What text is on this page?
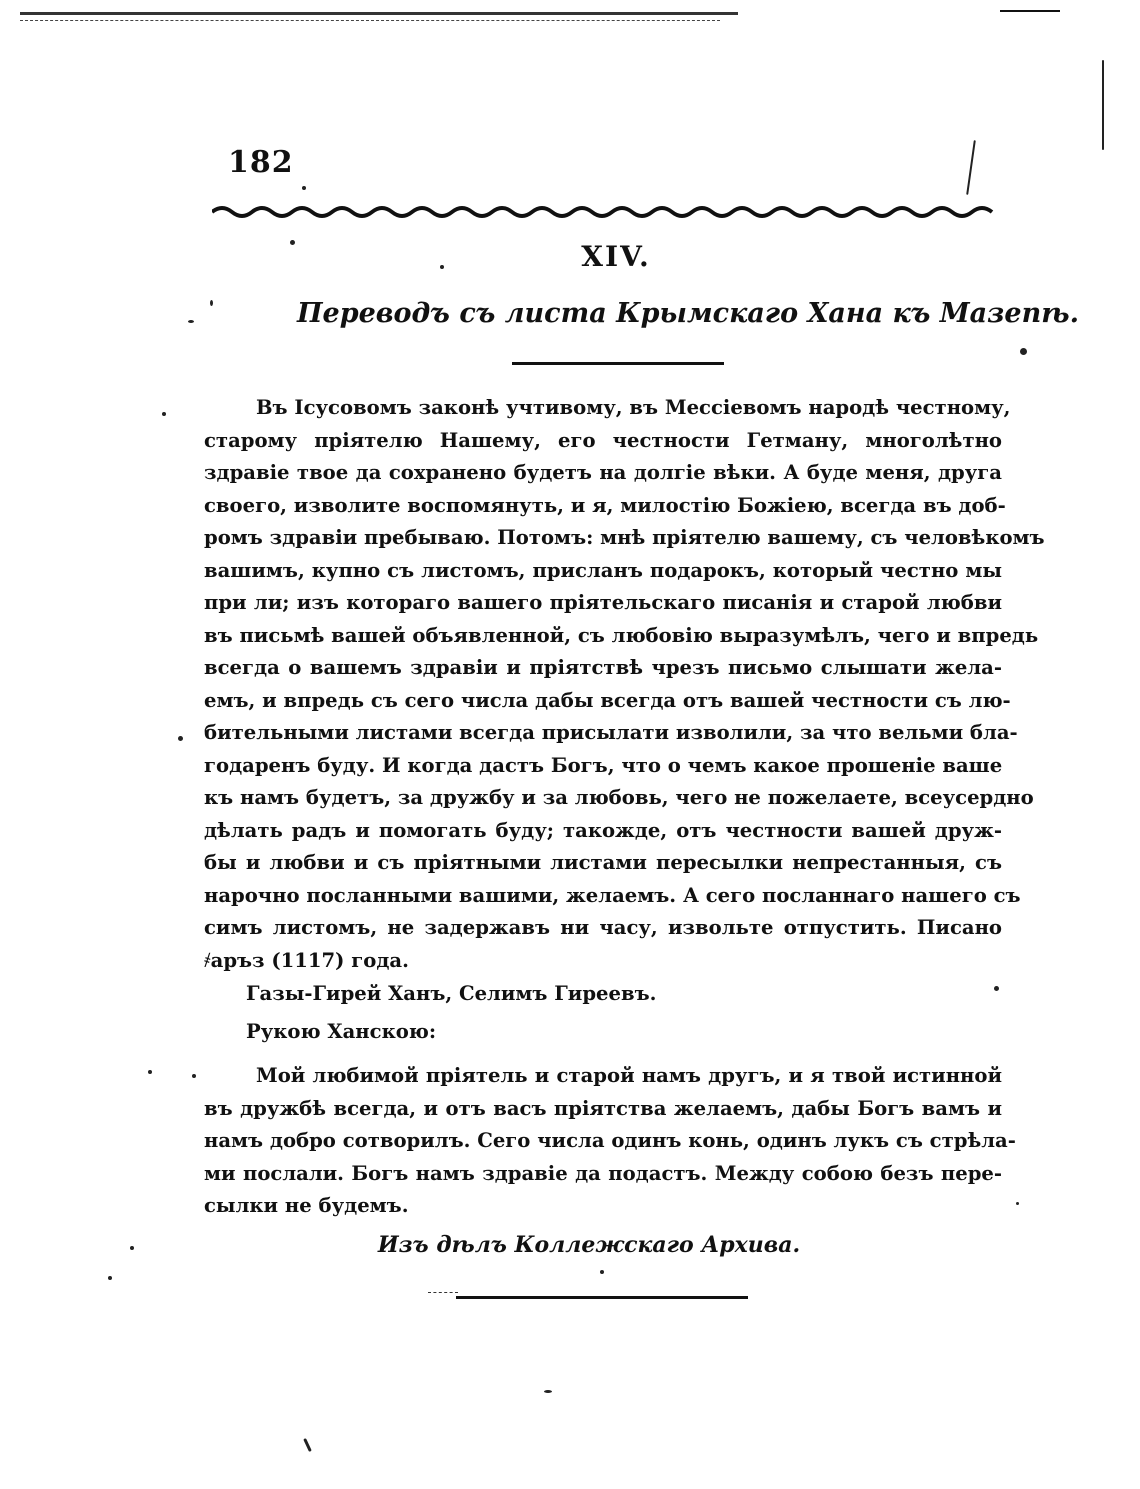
182
XIV.
Переводъ съ листа Крымскаго Хана къ Мазепѣ.
Въ Ісусовомъ законѣ учтивому, въ Мессіевомъ народѣ честному,
старому пріятелю Нашему, его честности Гетману, многолѣтно
здравіе твое да сохранено будетъ на долгіе вѣки. А буде меня, друга
своего, изволите воспомянуть, и я, милостію Божіею, всегда въ доб-
ромъ здравіи пребываю. Потомъ: мнѣ пріятелю вашему, съ человѣкомъ
вашимъ, купно съ листомъ, присланъ подарокъ, который честно мы
при ли; изъ котораго вашего пріятельскаго писанія и старой любви
въ письмѣ вашей объявленной, съ любовію выразумѣлъ, чего и впредь
всегда о вашемъ здравіи и пріятствѣ чрезъ письмо слышати жела-
емъ, и впредь съ сего числа дабы всегда отъ вашей честности съ лю-
бительными листами всегда присылати изволили, за что вельми бла-
годаренъ буду. И когда дастъ Богъ, что о чемъ какое прошеніе ваше
къ намъ будетъ, за дружбу и за любовь, чего не пожелаете, всеусердно
дѣлать радъ и помогать буду; такожде, отъ честности вашей друж-
бы и любви и съ пріятными листами пересылки непрестанныя, съ
нарочно посланными вашими, желаемъ. А сего посланнаго нашего съ
симъ листомъ, не задержавъ ни часу, извольте отпустить. Писано
҂аръз (1117) года.
Газы-Гирей Ханъ, Селимъ Гиреевъ.
Рукою Ханскою:
Мой любимой пріятель и старой намъ другъ, и я твой истинной
въ дружбѣ всегда, и отъ васъ пріятства желаемъ, дабы Богъ вамъ и
намъ добро сотворилъ. Сего числа одинъ конь, одинъ лукъ съ стрѣла-
ми послали. Богъ намъ здравіе да подастъ. Между собою безъ пере-
сылки не будемъ.
Изъ дѣлъ Коллежскаго Архива.
